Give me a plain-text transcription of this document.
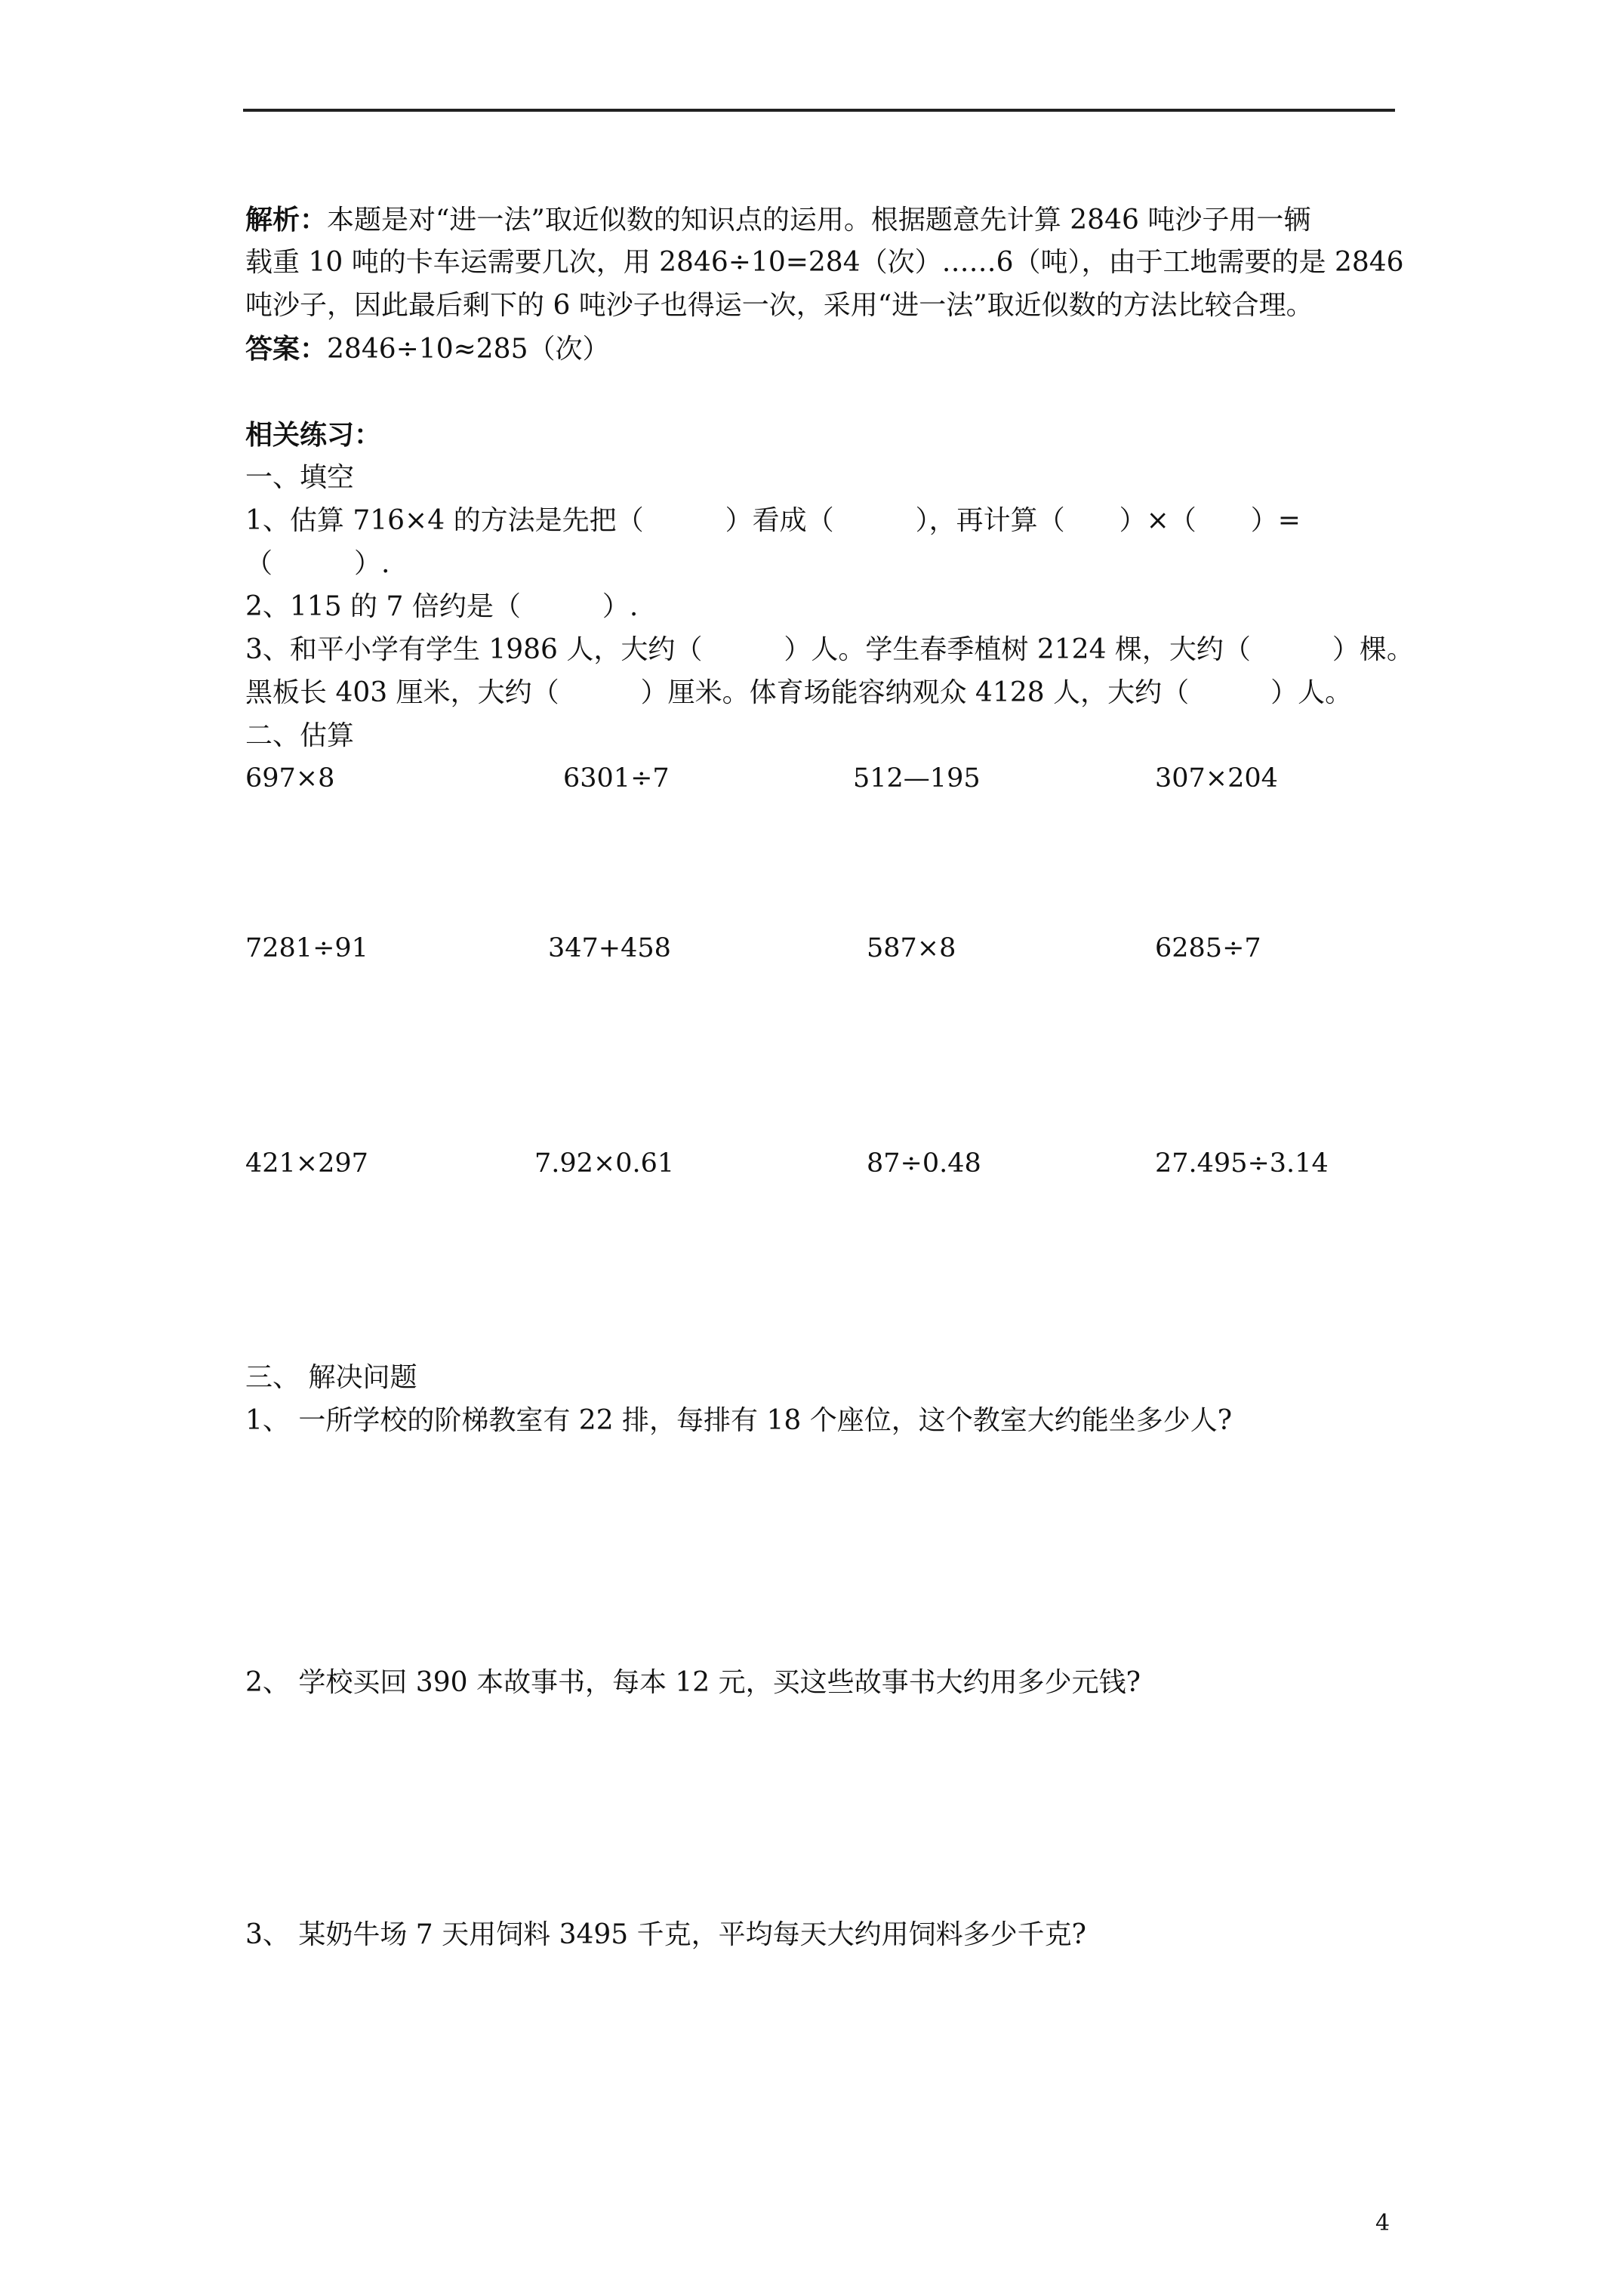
解析：本题是对“进一法”取近似数的知识点的运用。根据题意先计算 2846 吨沙子用一辆
载重 10 吨的卡车运需要几次，用 2846÷10=284（次）……6（吨），由于工地需要的是 2846
吨沙子，因此最后剩下的 6 吨沙子也得运一次，采用“进一法”取近似数的方法比较合理。
答案：2846÷10≈285（次）
相关练习：
一、填空
1、估算 716×4 的方法是先把（　　　）看成（　　　），再计算（　　）×（　　）=
（　　　）.
2、115 的 7 倍约是（　　　）.
3、和平小学有学生 1986 人，大约（　　　）人。学生春季植树 2124 棵，大约（　　　）棵。
黑板长 403 厘米，大约（　　　）厘米。体育场能容纳观众 4128 人，大约（　　　）人。
二、估算
697×8	6301÷7	512—195	307×204
7281÷91	347+458	587×8	6285÷7
421×297	7.92×0.61	87÷0.48	27.495÷3.14
三、 解决问题
1、 一所学校的阶梯教室有 22 排，每排有 18 个座位，这个教室大约能坐多少人?
2、 学校买回 390 本故事书，每本 12 元，买这些故事书大约用多少元钱?
3、 某奶牛场 7 天用饲料 3495 千克，平均每天大约用饲料多少千克?
4
